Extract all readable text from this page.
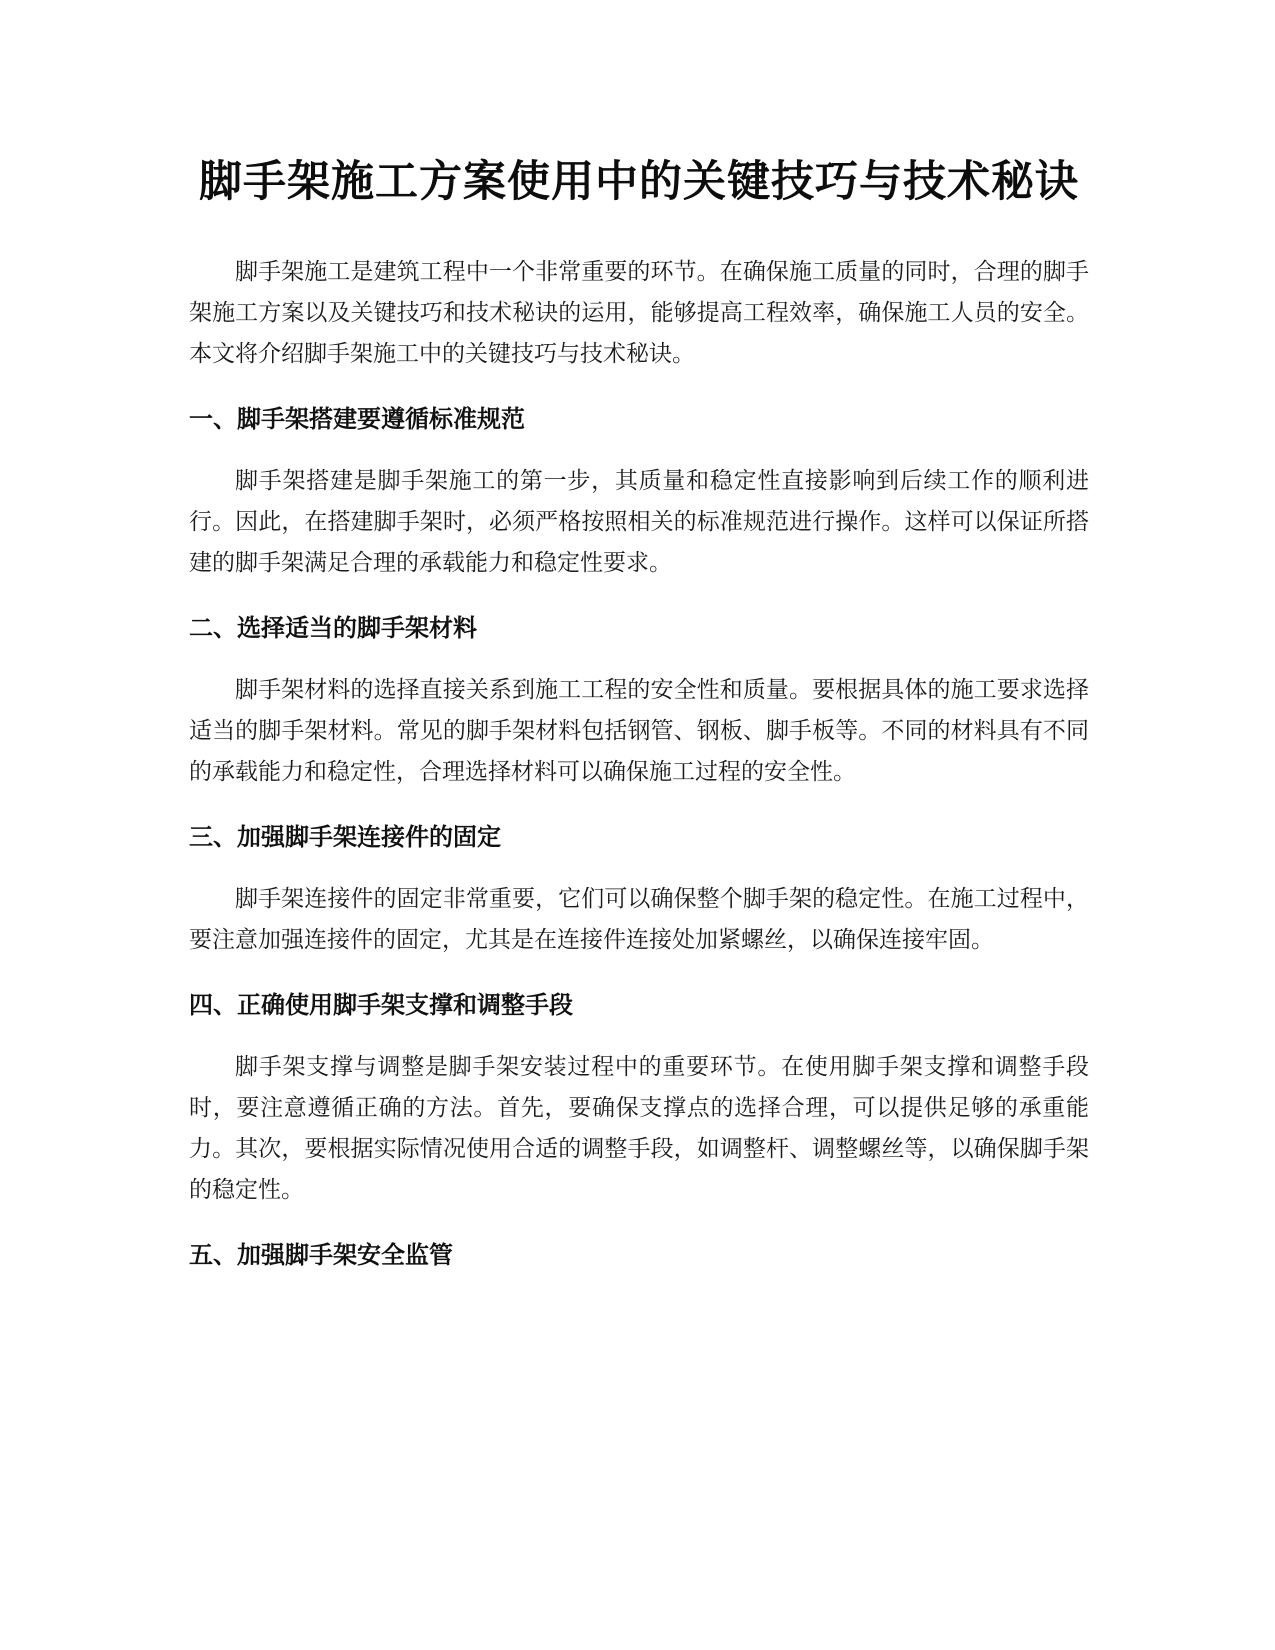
脚手架施工方案使用中的关键技巧与技术秘诀

脚手架施工是建筑工程中一个非常重要的环节。在确保施工质量的同时，合理的脚手架施工方案以及关键技巧和技术秘诀的运用，能够提高工程效率，确保施工人员的安全。本文将介绍脚手架施工中的关键技巧与技术秘诀。

一、脚手架搭建要遵循标准规范

脚手架搭建是脚手架施工的第一步，其质量和稳定性直接影响到后续工作的顺利进行。因此，在搭建脚手架时，必须严格按照相关的标准规范进行操作。这样可以保证所搭建的脚手架满足合理的承载能力和稳定性要求。

二、选择适当的脚手架材料

脚手架材料的选择直接关系到施工工程的安全性和质量。要根据具体的施工要求选择适当的脚手架材料。常见的脚手架材料包括钢管、钢板、脚手板等。不同的材料具有不同的承载能力和稳定性，合理选择材料可以确保施工过程的安全性。

三、加强脚手架连接件的固定

脚手架连接件的固定非常重要，它们可以确保整个脚手架的稳定性。在施工过程中，要注意加强连接件的固定，尤其是在连接件连接处加紧螺丝，以确保连接牢固。

四、正确使用脚手架支撑和调整手段

脚手架支撑与调整是脚手架安装过程中的重要环节。在使用脚手架支撑和调整手段时，要注意遵循正确的方法。首先，要确保支撑点的选择合理，可以提供足够的承重能力。其次，要根据实际情况使用合适的调整手段，如调整杆、调整螺丝等，以确保脚手架的稳定性。

五、加强脚手架安全监管
